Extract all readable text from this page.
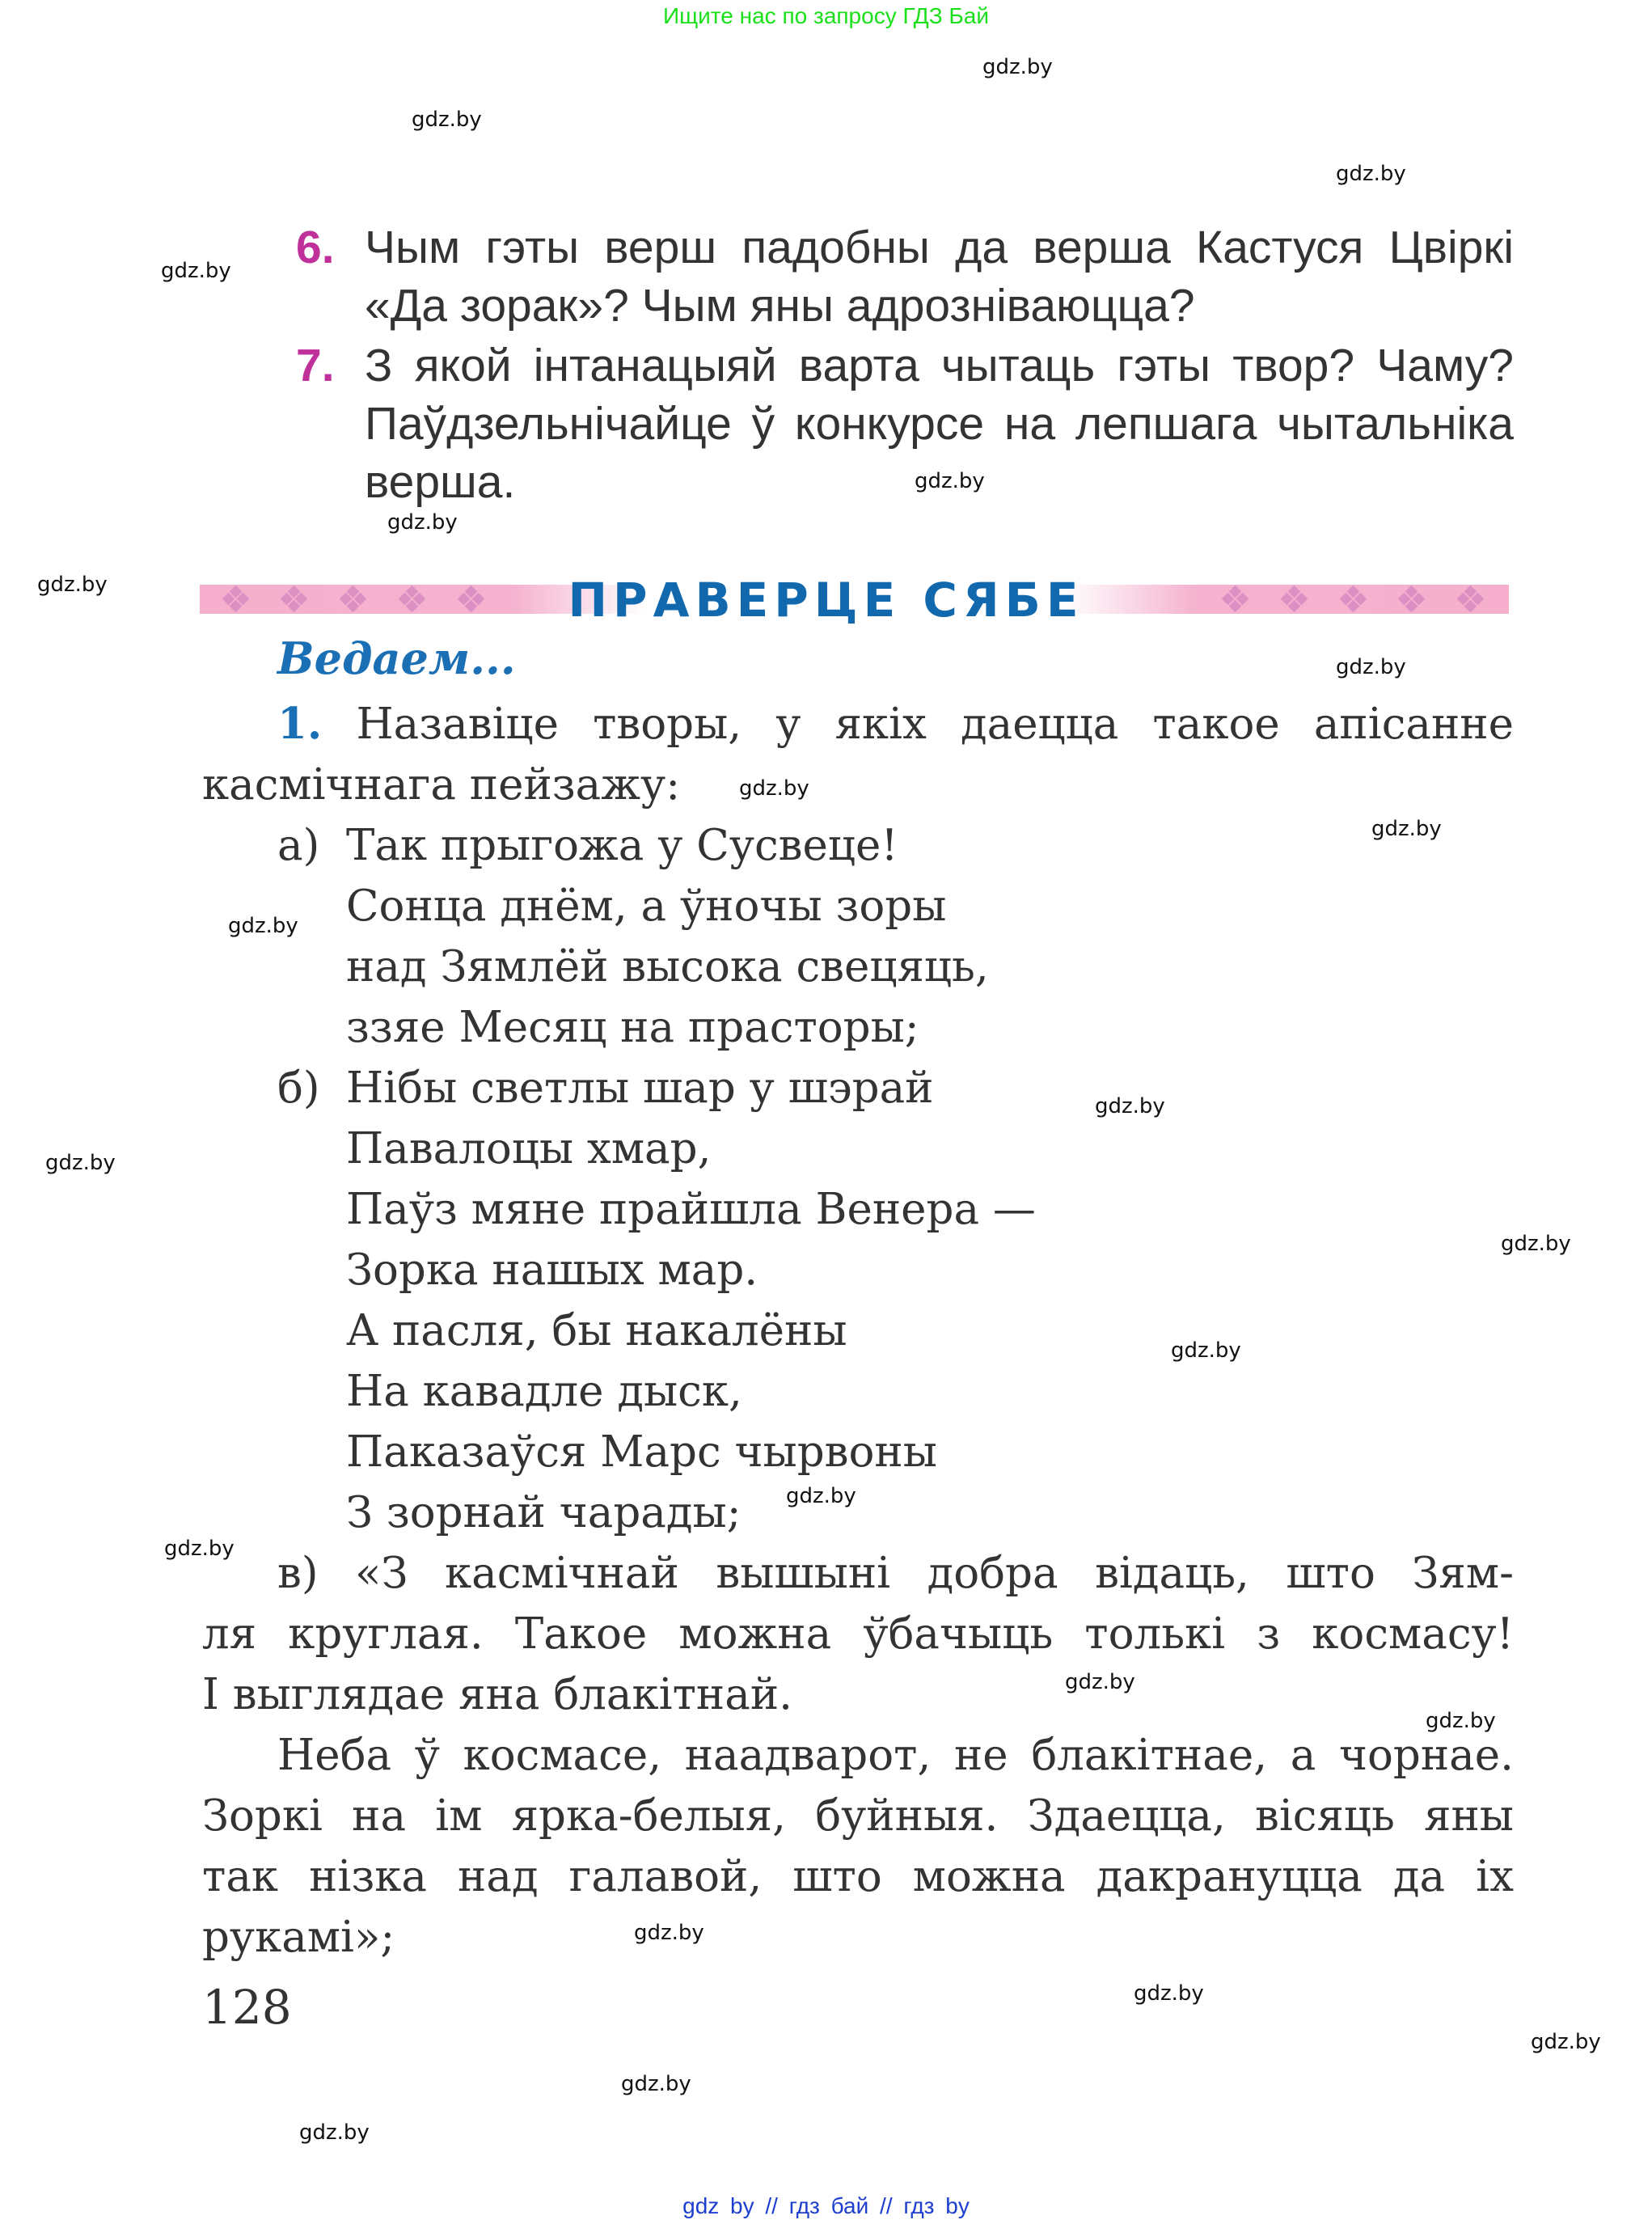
Ищите нас по запросу ГДЗ Бай
gdz.by
gdz.by
gdz.by
gdz.by
gdz.by
gdz.by
gdz.by
gdz.by
gdz.by
gdz.by
gdz.by
gdz.by
gdz.by
gdz.by
gdz.by
gdz.by
gdz.by
gdz.by
gdz.by
gdz.by
gdz.by
gdz.by
gdz.by
gdz.by
6. Чым гэты верш падобны да верша Кастуся Цвіркі
«Да зорак»? Чым яны адрозніваюцца?
7. З якой інтанацыяй варта чытаць гэты твор? Чаму?
Паўдзельнічайце ў конкурсе на лепшага чытальніка
верша.
ПРАВЕРЦЕ СЯБЕ
Ведаем...
1. Назавіце творы, у якіх даецца такое апісанне
касмічнага пейзажу:
а) Так прыгожа у Сусвеце!
Сонца днём, а ўночы зоры
над Зямлёй высока свецяць,
ззяе Месяц на прасторы;
б) Нібы светлы шар у шэрай
Павалоцы хмар,
Паўз мяне прайшла Венера —
Зорка нашых мар.
А пасля, бы накалёны
На кавадле дыск,
Паказаўся Марс чырвоны
З зорнай чарады;
в) «З касмічнай вышыні добра відаць, што Зям-
ля круглая. Такое можна ўбачыць толькі з космасу!
І выглядае яна блакітнай.
Неба ў космасе, наадварот, не блакітнае, а чорнае.
Зоркі на ім ярка-белыя, буйныя. Здаецца, вісяць яны
так нізка над галавой, што можна дакрануцца да іх
рукамі»;
128
gdz by // гдз бай // гдз by
